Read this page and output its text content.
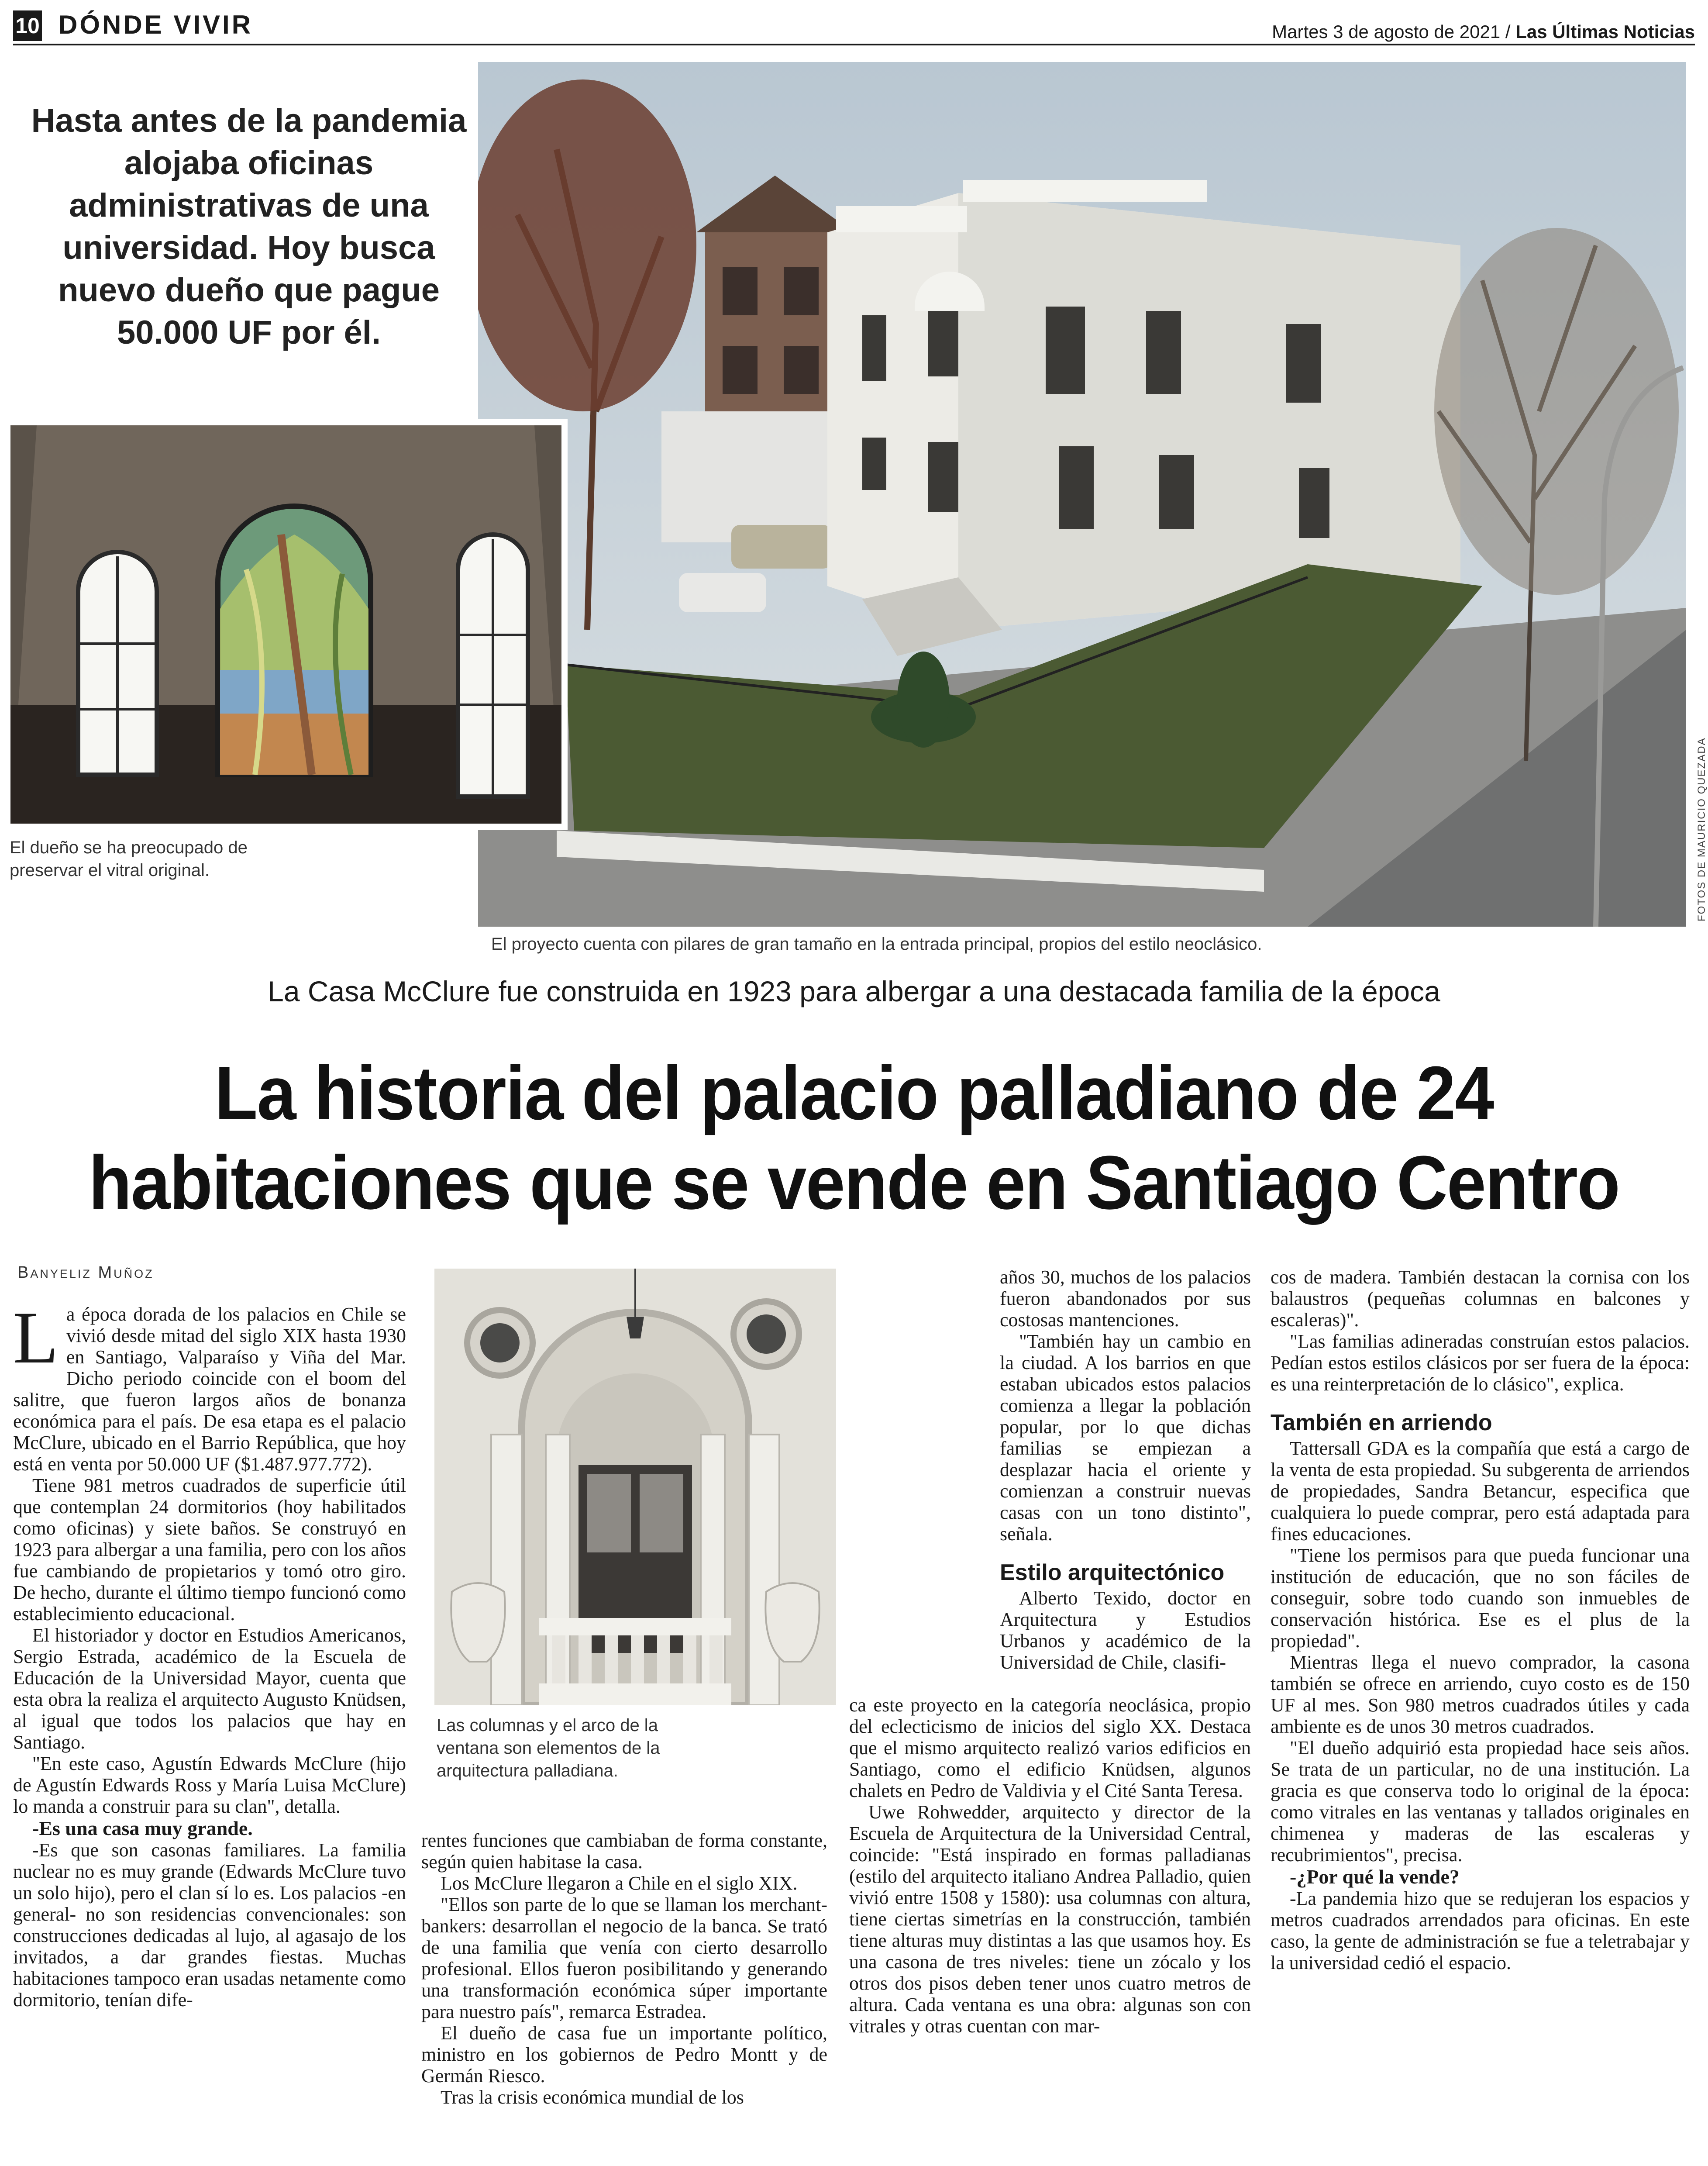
10 DÓNDE VIVIR	Martes 3 de agosto de 2021 / Las Últimas Noticias
Hasta antes de la pandemia alojaba oficinas administrativas de una universidad. Hoy busca nuevo dueño que pague 50.000 UF por él.
FOTOS DE MAURICIO QUEZADA
El dueño se ha preocupado de preservar el vitral original.
El proyecto cuenta con pilares de gran tamaño en la entrada principal, propios del estilo neoclásico.
La Casa McClure fue construida en 1923 para albergar a una destacada familia de la época
La historia del palacio palladiano de 24
habitaciones que se vende en Santiago Centro
Banyeliz Muñoz

La época dorada de los palacios en Chile se vivió desde mitad del siglo XIX hasta 1930 en Santiago, Valparaíso y Viña del Mar. Dicho periodo coincide con el boom del salitre, que fueron largos años de bonanza económica para el país. De esa etapa es el palacio McClure, ubicado en el Barrio República, que hoy está en venta por 50.000 UF ($1.487.977.772).

Tiene 981 metros cuadrados de superficie útil que contemplan 24 dormitorios (hoy habilitados como oficinas) y siete baños. Se construyó en 1923 para albergar a una familia, pero con los años fue cambiando de propietarios y tomó otro giro. De hecho, durante el último tiempo funcionó como establecimiento educacional.

El historiador y doctor en Estudios Americanos, Sergio Estrada, académico de la Escuela de Educación de la Universidad Mayor, cuenta que esta obra la realiza el arquitecto Augusto Knüdsen, al igual que todos los palacios que hay en Santiago.

"En este caso, Agustín Edwards McClure (hijo de Agustín Edwards Ross y María Luisa McClure) lo manda a construir para su clan", detalla.

-Es una casa muy grande.

-Es que son casonas familiares. La familia nuclear no es muy grande (Edwards McClure tuvo un solo hijo), pero el clan sí lo es. Los palacios -en general- no son residencias convencionales: son construcciones dedicadas al lujo, al agasajo de los invitados, a dar grandes fiestas. Muchas habitaciones tampoco eran usadas netamente como dormitorio, tenían dife-

Las columnas y el arco de la ventana son elementos de la arquitectura palladiana.

rentes funciones que cambiaban de forma constante, según quien habitase la casa.

Los McClure llegaron a Chile en el siglo XIX.

"Ellos son parte de lo que se llaman los merchant-bankers: desarrollan el negocio de la banca. Se trató de una familia que venía con cierto desarrollo profesional. Ellos fueron posibilitando y generando una transformación económica súper importante para nuestro país", remarca Estradea.

El dueño de casa fue un importante político, ministro en los gobiernos de Pedro Montt y de Germán Riesco.

Tras la crisis económica mundial de los

años 30, muchos de los palacios fueron abandonados por sus costosas mantenciones.

"También hay un cambio en la ciudad. A los barrios en que estaban ubicados estos palacios comienza a llegar la población popular, por lo que dichas familias se empiezan a desplazar hacia el oriente y comienzan a construir nuevas casas con un tono distinto", señala.

Estilo arquitectónico

Alberto Texido, doctor en Arquitectura y Estudios Urbanos y académico de la Universidad de Chile, clasifi-

ca este proyecto en la categoría neoclásica, propio del eclecticismo de inicios del siglo XX. Destaca que el mismo arquitecto realizó varios edificios en Santiago, como el edificio Knüdsen, algunos chalets en Pedro de Valdivia y el Cité Santa Teresa.

Uwe Rohwedder, arquitecto y director de la Escuela de Arquitectura de la Universidad Central, coincide: "Está inspirado en formas palladianas (estilo del arquitecto italiano Andrea Palladio, quien vivió entre 1508 y 1580): usa columnas con altura, tiene ciertas simetrías en la construcción, también tiene alturas muy distintas a las que usamos hoy. Es una casona de tres niveles: tiene un zócalo y los otros dos pisos deben tener unos cuatro metros de altura. Cada ventana es una obra: algunas son con vitrales y otras cuentan con mar-

cos de madera. También destacan la cornisa con los balaustros (pequeñas columnas en balcones y escaleras)".

"Las familias adineradas construían estos palacios. Pedían estos estilos clásicos por ser fuera de la época: es una reinterpretación de lo clásico", explica.

También en arriendo

Tattersall GDA es la compañía que está a cargo de la venta de esta propiedad. Su subgerenta de arriendos de propiedades, Sandra Betancur, especifica que cualquiera lo puede comprar, pero está adaptada para fines educaciones.

"Tiene los permisos para que pueda funcionar una institución de educación, que no son fáciles de conseguir, sobre todo cuando son inmuebles de conservación histórica. Ese es el plus de la propiedad".

Mientras llega el nuevo comprador, la casona también se ofrece en arriendo, cuyo costo es de 150 UF al mes. Son 980 metros cuadrados útiles y cada ambiente es de unos 30 metros cuadrados.

"El dueño adquirió esta propiedad hace seis años. Se trata de un particular, no de una institución. La gracia es que conserva todo lo original de la época: como vitrales en las ventanas y tallados originales en chimenea y maderas de las escaleras y recubrimientos", precisa.

-¿Por qué la vende?

-La pandemia hizo que se redujeran los espacios y metros cuadrados arrendados para oficinas. En este caso, la gente de administración se fue a teletrabajar y la universidad cedió el espacio.
